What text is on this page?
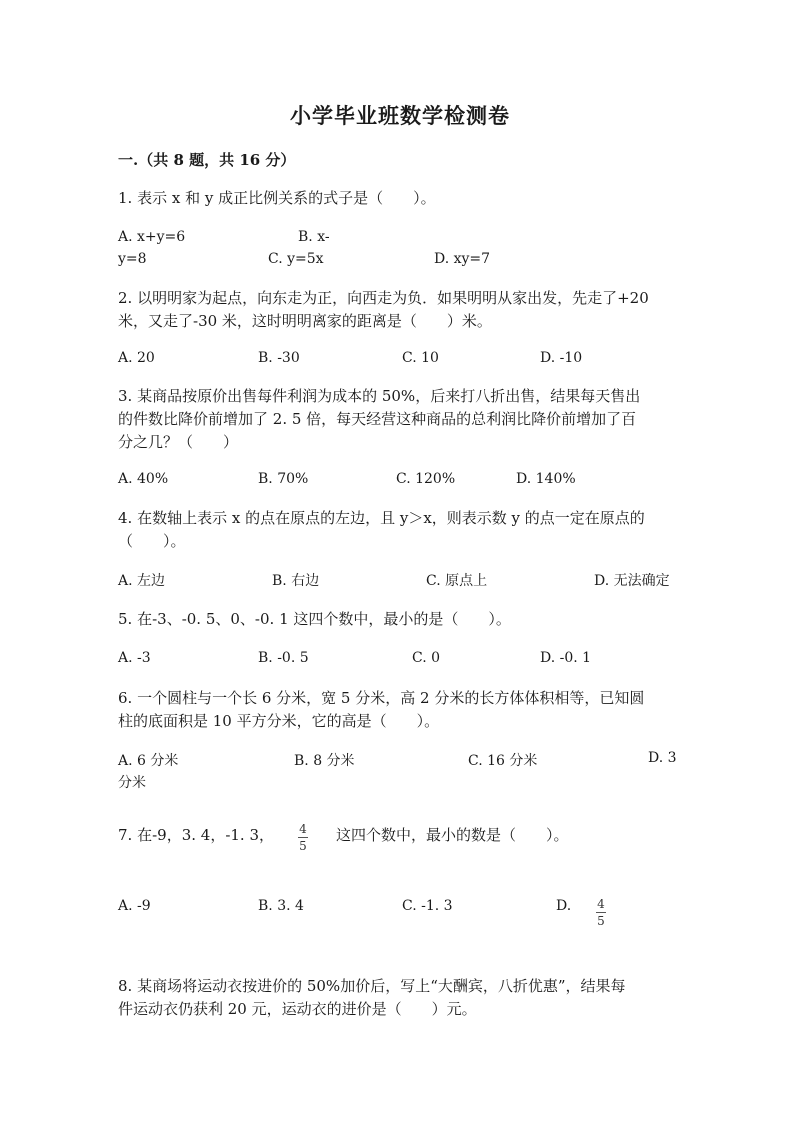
小学毕业班数学检测卷
一.（共 8 题，共 16 分）
1. 表示 x 和 y 成正比例关系的式子是（　　）。
A. x+y=6	B. x-
y=8	C. y=5x	D. xy=7
2. 以明明家为起点，向东走为正，向西走为负．如果明明从家出发，先走了+20
米，又走了-30 米，这时明明离家的距离是（　　）米。
A. 20	B. -30	C. 10	D. -10
3. 某商品按原价出售每件利润为成本的 50%，后来打八折出售，结果每天售出
的件数比降价前增加了 2. 5 倍，每天经营这种商品的总利润比降价前增加了百
分之几？（　　）
A. 40%	B. 70%	C. 120%	D. 140%
4. 在数轴上表示 x 的点在原点的左边，且 y＞x，则表示数 y 的点一定在原点的
（　　）。
A. 左边	B. 右边	C. 原点上	D. 无法确定
5. 在-3、-0. 5、0、-0. 1 这四个数中，最小的是（　　）。
A. -3	B. -0. 5	C. 0	D. -0. 1
6. 一个圆柱与一个长 6 分米，宽 5 分米，高 2 分米的长方体体积相等，已知圆
柱的底面积是 10 平方分米，它的高是（　　）。
A. 6 分米	B. 8 分米	C. 16 分米	D. 3
分米
7. 在-9，3. 4，-1. 3， $\frac{4}{5}$ 这四个数中，最小的数是（　　）。
A. -9	B. 3. 4	C. -1. 3	D. $\frac{4}{5}$
8. 某商场将运动衣按进价的 50%加价后，写上“大酬宾，八折优惠”，结果每
件运动衣仍获利 20 元，运动衣的进价是（　　）元。
